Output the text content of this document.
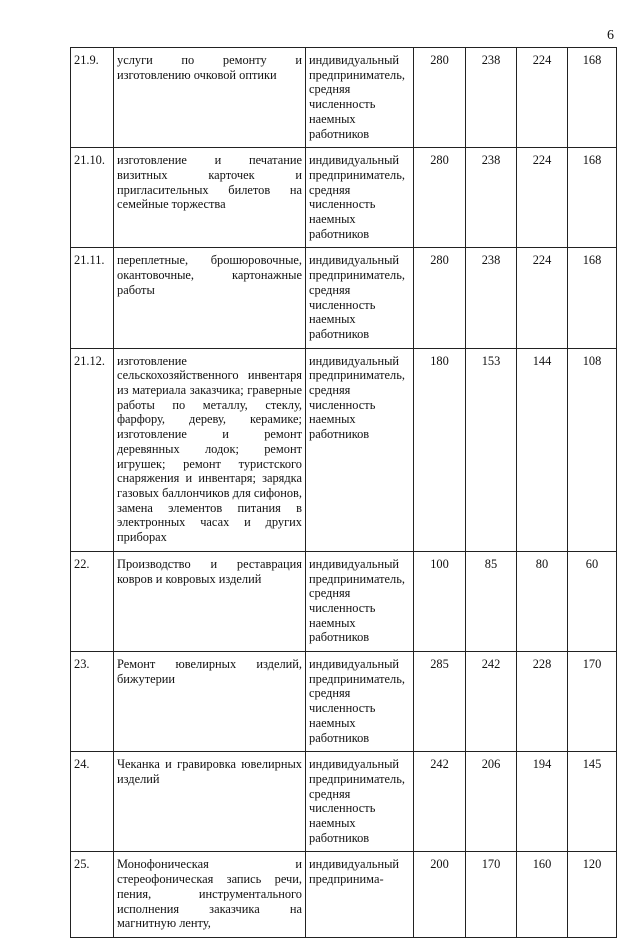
6
21.9.	услуги по ремонту и изготовлению очковой оптики	индивидуальный предприниматель, средняя численность наемных работников	280	238	224	168
21.10.	изготовление и печатание визитных карточек и пригласительных билетов на семейные торжества	индивидуальный предприниматель, средняя численность наемных работников	280	238	224	168
21.11.	переплетные, брошюровочные, окантовочные, картонажные работы	индивидуальный предприниматель, средняя численность наемных работников	280	238	224	168
21.12.	изготовление сельскохозяйственного инвентаря из материала заказчика; граверные работы по металлу, стеклу, фарфору, дереву, керамике; изготовление и ремонт деревянных лодок; ремонт игрушек; ремонт туристского снаряжения и инвентаря; зарядка газовых баллончиков для сифонов, замена элементов питания в электронных часах и других приборах	индивидуальный предприниматель, средняя численность наемных работников	180	153	144	108
22.	Производство и реставрация ковров и ковровых изделий	индивидуальный предприниматель, средняя численность наемных работников	100	85	80	60
23.	Ремонт ювелирных изделий, бижутерии	индивидуальный предприниматель, средняя численность наемных работников	285	242	228	170
24.	Чеканка и гравировка ювелирных изделий	индивидуальный предприниматель, средняя численность наемных работников	242	206	194	145
25.	Монофоническая и стереофоническая запись речи, пения, инструментального исполнения заказчика на магнитную ленту,	индивидуальный предпринима-	200	170	160	120
